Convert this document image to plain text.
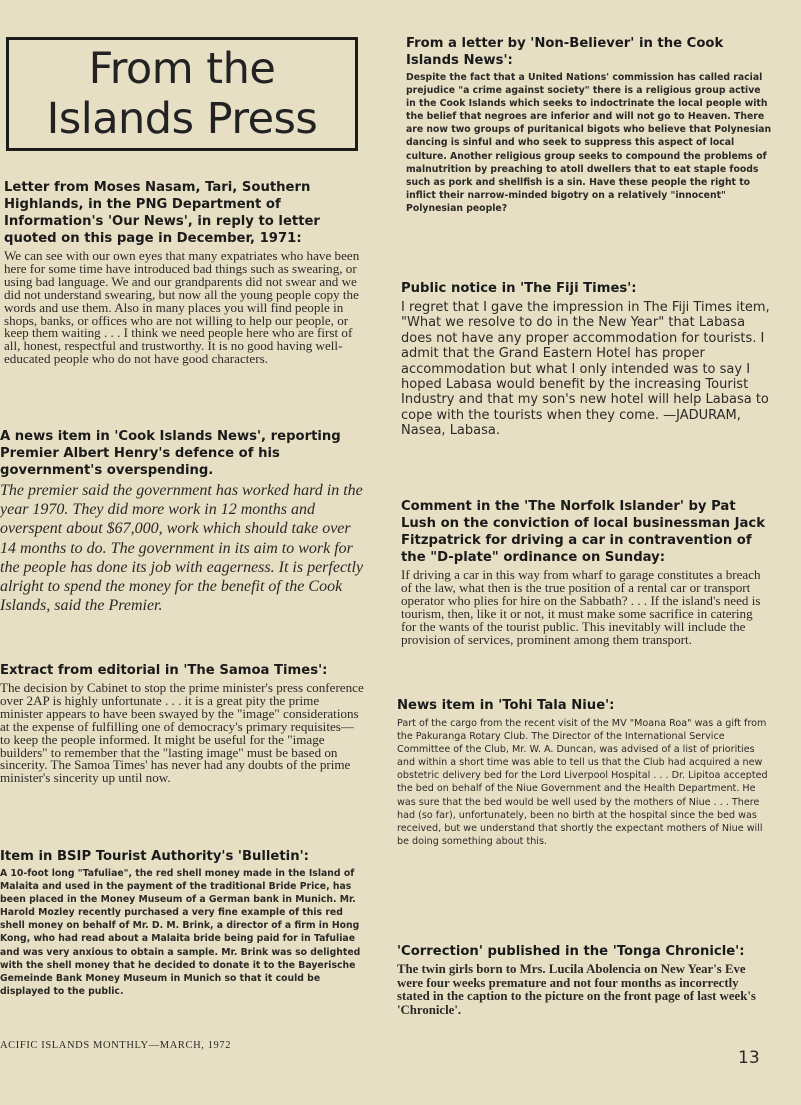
From the
Islands Press

Letter from Moses Nasam, Tari, Southern Highlands, in the PNG Department of Information's 'Our News', in reply to letter quoted on this page in December, 1971:

We can see with our own eyes that many expatriates who have been here for some time have introduced bad things such as swearing, or using bad language. We and our grandparents did not swear and we did not understand swearing, but now all the young people copy the words and use them. Also in many places you will find people in shops, banks, or offices who are not willing to help our people, or keep them waiting . . . I think we need people here who are first of all, honest, respectful and trustworthy. It is no good having well-educated people who do not have good characters.

A news item in 'Cook Islands News', reporting Premier Albert Henry's defence of his government's overspending.

The premier said the government has worked hard in the year 1970. They did more work in 12 months and overspent about $67,000, work which should take over 14 months to do. The government in its aim to work for the people has done its job with eagerness. It is perfectly alright to spend the money for the benefit of the Cook Islands, said the Premier.

Extract from editorial in 'The Samoa Times':

The decision by Cabinet to stop the prime minister's press conference over 2AP is highly unfortunate . . . it is a great pity the prime minister appears to have been swayed by the "image" considerations at the expense of fulfilling one of democracy's primary requisites—to keep the people informed. It might be useful for the "image builders" to remember that the "lasting image" must be based on sincerity. The Samoa Times' has never had any doubts of the prime minister's sincerity up until now.

Item in BSIP Tourist Authority's 'Bulletin':

A 10-foot long "Tafuliae", the red shell money made in the Island of Malaita and used in the payment of the traditional Bride Price, has been placed in the Money Museum of a German bank in Munich. Mr. Harold Mozley recently purchased a very fine example of this red shell money on behalf of Mr. D. M. Brink, a director of a firm in Hong Kong, who had read about a Malaita bride being paid for in Tafuliae and was very anxious to obtain a sample. Mr. Brink was so delighted with the shell money that he decided to donate it to the Bayerische Gemeinde Bank Money Museum in Munich so that it could be displayed to the public.

From a letter by 'Non-Believer' in the Cook Islands News':

Despite the fact that a United Nations' commission has called racial prejudice "a crime against society" there is a religious group active in the Cook Islands which seeks to indoctrinate the local people with the belief that negroes are inferior and will not go to Heaven. There are now two groups of puritanical bigots who believe that Polynesian dancing is sinful and who seek to suppress this aspect of local culture. Another religious group seeks to compound the problems of malnutrition by preaching to atoll dwellers that to eat staple foods such as pork and shellfish is a sin. Have these people the right to inflict their narrow-minded bigotry on a relatively "innocent" Polynesian people?

Public notice in 'The Fiji Times':

I regret that I gave the impression in The Fiji Times item, "What we resolve to do in the New Year" that Labasa does not have any proper accommodation for tourists. I admit that the Grand Eastern Hotel has proper accommodation but what I only intended was to say I hoped Labasa would benefit by the increasing Tourist Industry and that my son's new hotel will help Labasa to cope with the tourists when they come. —JADURAM, Nasea, Labasa.

Comment in the 'The Norfolk Islander' by Pat Lush on the conviction of local businessman Jack Fitzpatrick for driving a car in contravention of the "D-plate" ordinance on Sunday:

If driving a car in this way from wharf to garage constitutes a breach of the law, what then is the true position of a rental car or transport operator who plies for hire on the Sabbath? . . . If the island's need is tourism, then, like it or not, it must make some sacrifice in catering for the wants of the tourist public. This inevitably will include the provision of services, prominent among them transport.

News item in 'Tohi Tala Niue':

Part of the cargo from the recent visit of the MV "Moana Roa" was a gift from the Pakuranga Rotary Club. The Director of the International Service Committee of the Club, Mr. W. A. Duncan, was advised of a list of priorities and within a short time was able to tell us that the Club had acquired a new obstetric delivery bed for the Lord Liverpool Hospital . . . Dr. Lipitoa accepted the bed on behalf of the Niue Government and the Health Department. He was sure that the bed would be well used by the mothers of Niue . . . There had (so far), unfortunately, been no birth at the hospital since the bed was received, but we understand that shortly the expectant mothers of Niue will be doing something about this.

'Correction' published in the 'Tonga Chronicle':

The twin girls born to Mrs. Lucila Abolencia on New Year's Eve were four weeks premature and not four months as incorrectly stated in the caption to the picture on the front page of last week's 'Chronicle'.

ACIFIC ISLANDS MONTHLY—MARCH, 1972
13
